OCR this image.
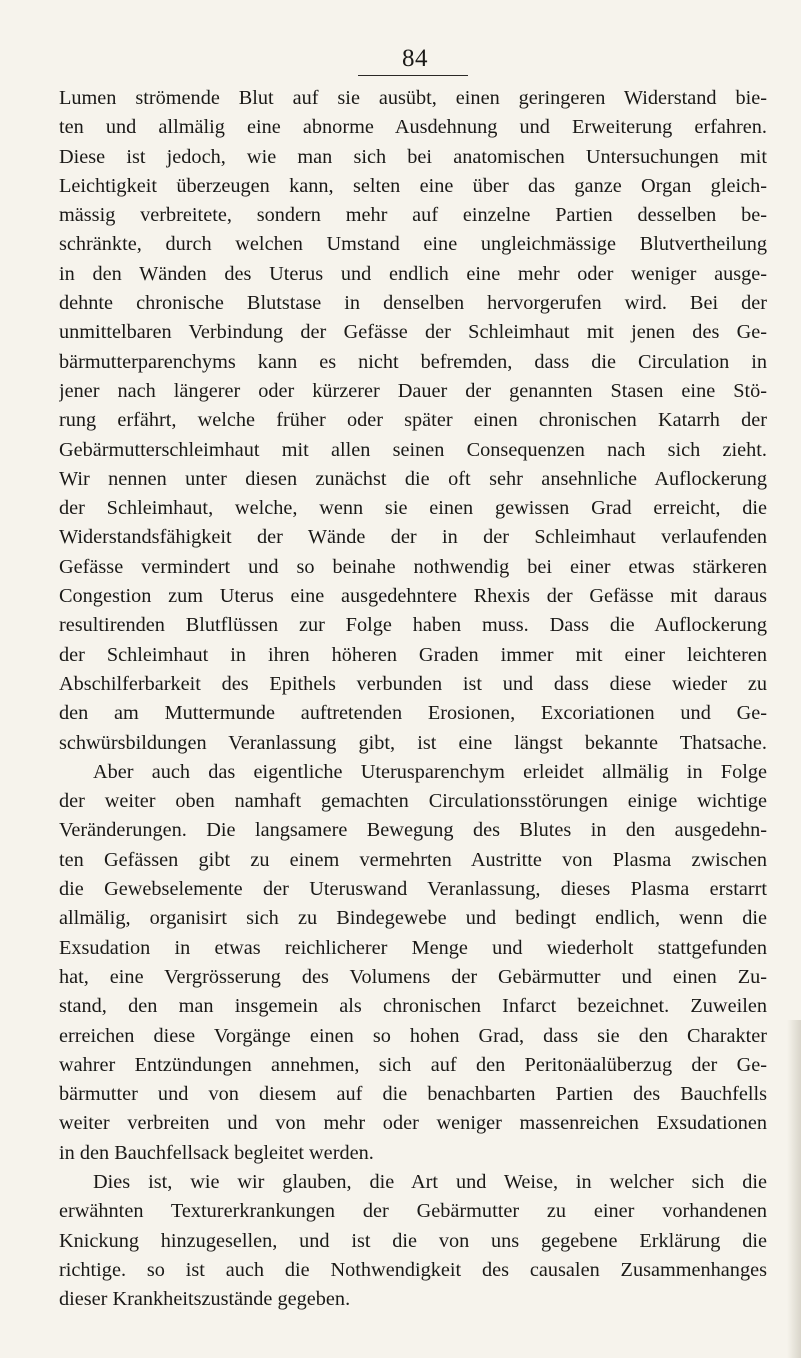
84
Lumen strömende Blut auf sie ausübt, einen geringeren Widerstand bie-
ten und allmälig eine abnorme Ausdehnung und Erweiterung erfahren.
Diese ist jedoch, wie man sich bei anatomischen Untersuchungen mit
Leichtigkeit überzeugen kann, selten eine über das ganze Organ gleich-
mässig verbreitete, sondern mehr auf einzelne Partien desselben be-
schränkte, durch welchen Umstand eine ungleichmässige Blutvertheilung
in den Wänden des Uterus und endlich eine mehr oder weniger ausge-
dehnte chronische Blutstase in denselben hervorgerufen wird. Bei der
unmittelbaren Verbindung der Gefässe der Schleimhaut mit jenen des Ge-
bärmutterparenchyms kann es nicht befremden, dass die Circulation in
jener nach längerer oder kürzerer Dauer der genannten Stasen eine Stö-
rung erfährt, welche früher oder später einen chronischen Katarrh der
Gebärmutterschleimhaut mit allen seinen Consequenzen nach sich zieht.
Wir nennen unter diesen zunächst die oft sehr ansehnliche Auflockerung
der Schleimhaut, welche, wenn sie einen gewissen Grad erreicht, die
Widerstandsfähigkeit der Wände der in der Schleimhaut verlaufenden
Gefässe vermindert und so beinahe nothwendig bei einer etwas stärkeren
Congestion zum Uterus eine ausgedehntere Rhexis der Gefässe mit daraus
resultirenden Blutflüssen zur Folge haben muss. Dass die Auflockerung
der Schleimhaut in ihren höheren Graden immer mit einer leichteren
Abschilferbarkeit des Epithels verbunden ist und dass diese wieder zu
den am Muttermunde auftretenden Erosionen, Excoriationen und Ge-
schwürsbildungen Veranlassung gibt, ist eine längst bekannte Thatsache.
Aber auch das eigentliche Uterusparenchym erleidet allmälig in Folge
der weiter oben namhaft gemachten Circulationsstörungen einige wichtige
Veränderungen. Die langsamere Bewegung des Blutes in den ausgedehn-
ten Gefässen gibt zu einem vermehrten Austritte von Plasma zwischen
die Gewebselemente der Uteruswand Veranlassung, dieses Plasma erstarrt
allmälig, organisirt sich zu Bindegewebe und bedingt endlich, wenn die
Exsudation in etwas reichlicherer Menge und wiederholt stattgefunden
hat, eine Vergrösserung des Volumens der Gebärmutter und einen Zu-
stand, den man insgemein als chronischen Infarct bezeichnet. Zuweilen
erreichen diese Vorgänge einen so hohen Grad, dass sie den Charakter
wahrer Entzündungen annehmen, sich auf den Peritonäalüberzug der Ge-
bärmutter und von diesem auf die benachbarten Partien des Bauchfells
weiter verbreiten und von mehr oder weniger massenreichen Exsudationen
in den Bauchfellsack begleitet werden.
Dies ist, wie wir glauben, die Art und Weise, in welcher sich die
erwähnten Texturerkrankungen der Gebärmutter zu einer vorhandenen
Knickung hinzugesellen, und ist die von uns gegebene Erklärung die
richtige. so ist auch die Nothwendigkeit des causalen Zusammenhanges
dieser Krankheitszustände gegeben.
